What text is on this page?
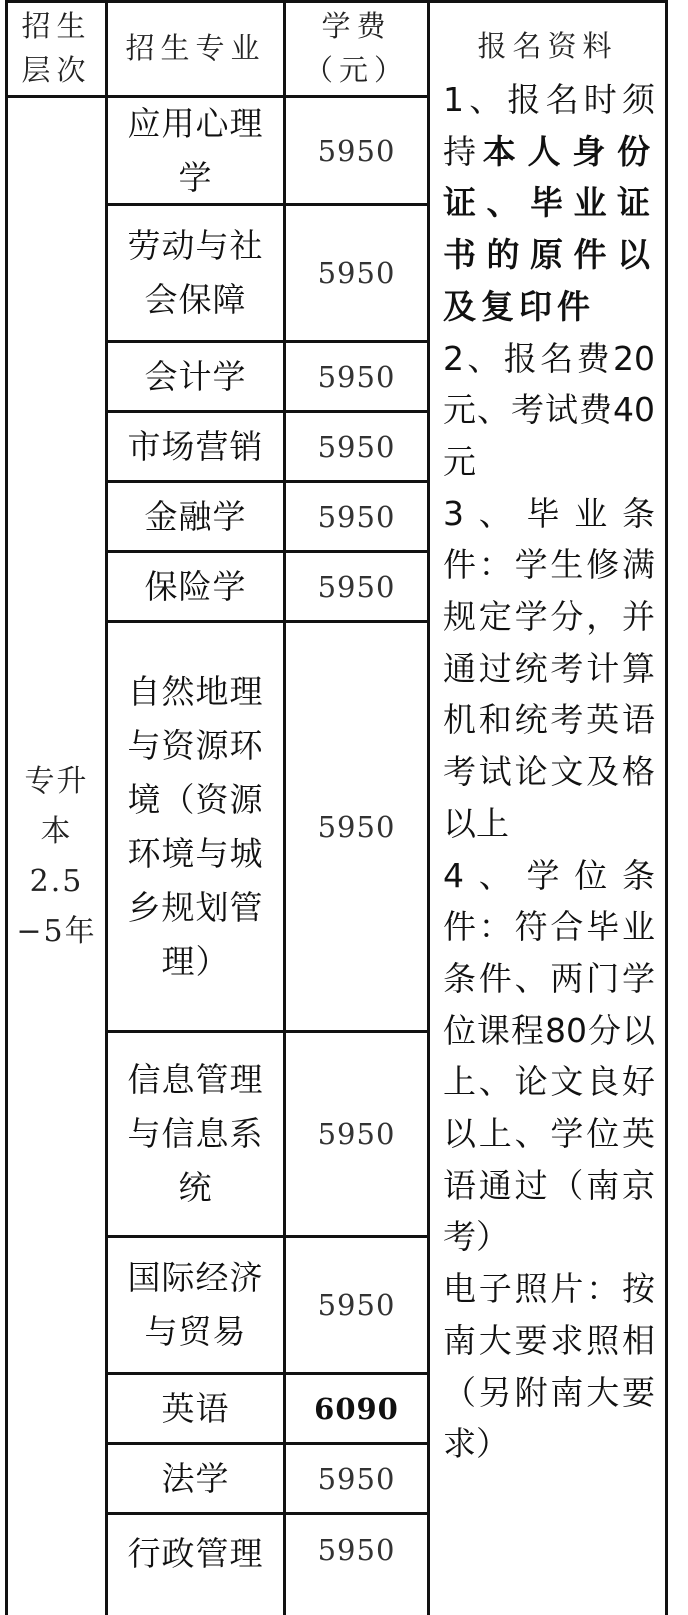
招生
层次
招生专业
学费
（元）
报名资料
专升
本
2.5
−5年
应用心理
学
劳动与社
会保障
会计学
市场营销
金融学
保险学
自然地理
与资源环
境（资源
环境与城
乡规划管
理）
信息管理
与信息系
统
国际经济
与贸易
英语
法学
行政管理
5950
5950
5950
5950
5950
5950
5950
5950
5950
6090
5950
5950

1、报名时须持本人身份证、毕业证书的原件以及复印件

2、报名费20元、考试费40元

3、毕业条件：学生修满规定学分，并通过统考计算机和统考英语考试论文及格以上

4、学位条件：符合毕业条件、两门学位课程80分以上、论文良好以上、学位英语通过（南京考）

电子照片：按南大要求照相（另附南大要求）
